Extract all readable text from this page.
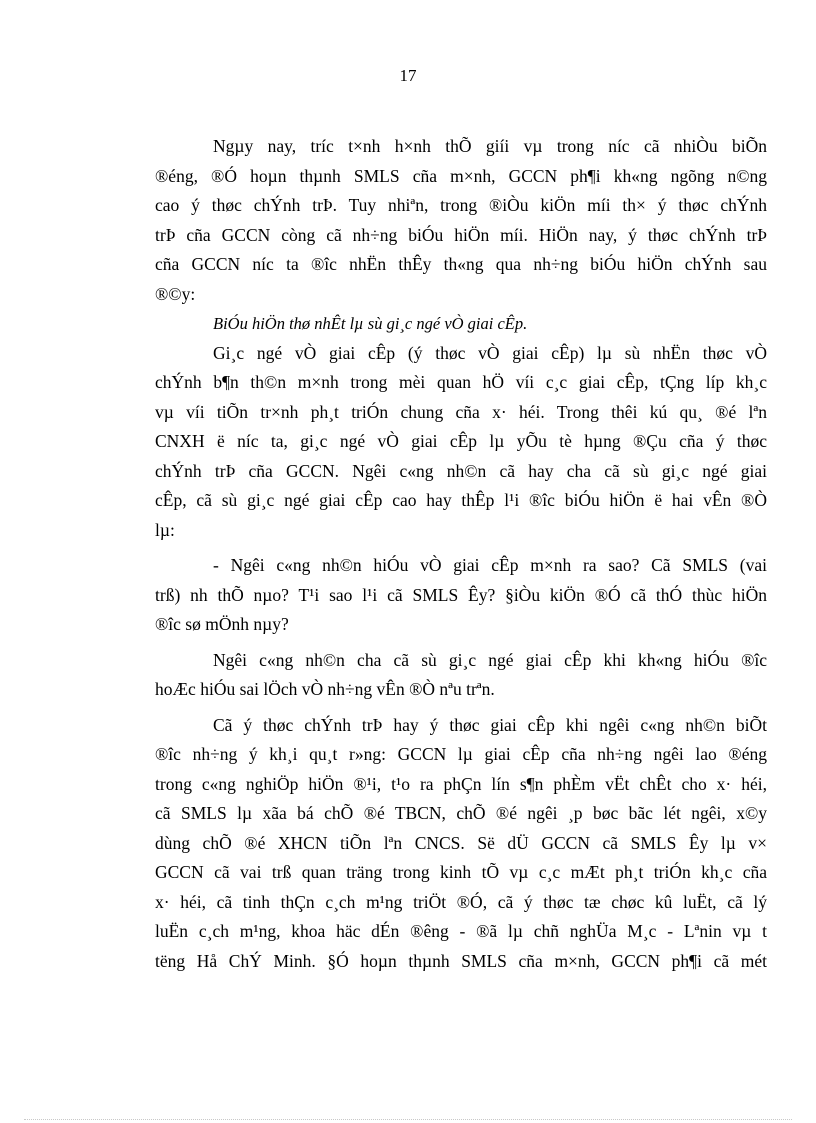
17
Ngµy nay, tríc t×nh h×nh thÕ giíi vµ trong níc cã nhiÒu biÕn
®éng, ®Ó hoµn thµnh SMLS cña m×nh, GCCN ph¶i kh«ng ngõng n©ng
cao ý thøc chÝnh trÞ. Tuy nhiªn, trong ®iÒu kiÖn míi th× ý thøc chÝnh
trÞ cña GCCN còng cã nh÷ng biÓu hiÖn míi. HiÖn nay, ý thøc chÝnh trÞ
cña GCCN níc ta ®îc nhËn thÊy th«ng qua nh÷ng biÓu hiÖn chÝnh sau
®©y:
BiÓu hiÖn thø nhÊt lµ sù gi¸c ngé vÒ giai cÊp.
Gi¸c ngé vÒ giai cÊp (ý thøc vÒ giai cÊp) lµ sù nhËn thøc vÒ
chÝnh b¶n th©n m×nh trong mèi quan hÖ víi c¸c giai cÊp, tÇng líp kh¸c
vµ víi tiÕn tr×nh ph¸t triÓn chung cña x· héi. Trong thêi kú qu¸ ®é lªn
CNXH ë níc ta, gi¸c ngé vÒ giai cÊp lµ yÕu tè hµng ®Çu cña ý thøc
chÝnh trÞ cña GCCN. Ngêi c«ng nh©n cã hay cha cã sù gi¸c ngé giai
cÊp, cã sù gi¸c ngé giai cÊp cao hay thÊp l¹i ®îc biÓu hiÖn ë hai vÊn ®Ò
lµ:
- Ngêi c«ng nh©n hiÓu vÒ giai cÊp m×nh ra sao? Cã SMLS (vai
trß) nh thÕ nµo? T¹i sao l¹i cã SMLS Êy? §iÒu kiÖn ®Ó cã thÓ thùc hiÖn
®îc sø mÖnh nµy?
Ngêi c«ng nh©n cha cã sù gi¸c ngé giai cÊp khi kh«ng hiÓu ®îc
hoÆc hiÓu sai lÖch vÒ nh÷ng vÊn ®Ò nªu trªn.
Cã ý thøc chÝnh trÞ hay ý thøc giai cÊp khi ngêi c«ng nh©n biÕt
®îc nh÷ng ý kh¸i qu¸t r»ng: GCCN lµ giai cÊp cña nh÷ng ngêi lao ®éng
trong c«ng nghiÖp hiÖn ®¹i, t¹o ra phÇn lín s¶n phÈm vËt chÊt cho x· héi,
cã SMLS lµ xãa bá chÕ ®é TBCN, chÕ ®é ngêi ¸p bøc bãc lét ngêi, x©y
dùng chÕ ®é XHCN tiÕn lªn CNCS. Së dÜ GCCN cã SMLS Êy lµ v×
GCCN cã vai trß quan träng trong kinh tÕ vµ c¸c mÆt ph¸t triÓn kh¸c cña
x· héi, cã tinh thÇn c¸ch m¹ng triÖt ®Ó, cã ý thøc tæ chøc kû luËt, cã lý
luËn c¸ch m¹ng, khoa häc dÉn ®êng - ®ã lµ chñ nghÜa M¸c - Lªnin vµ t
tëng Hå ChÝ Minh. §Ó hoµn thµnh SMLS cña m×nh, GCCN ph¶i cã mét
